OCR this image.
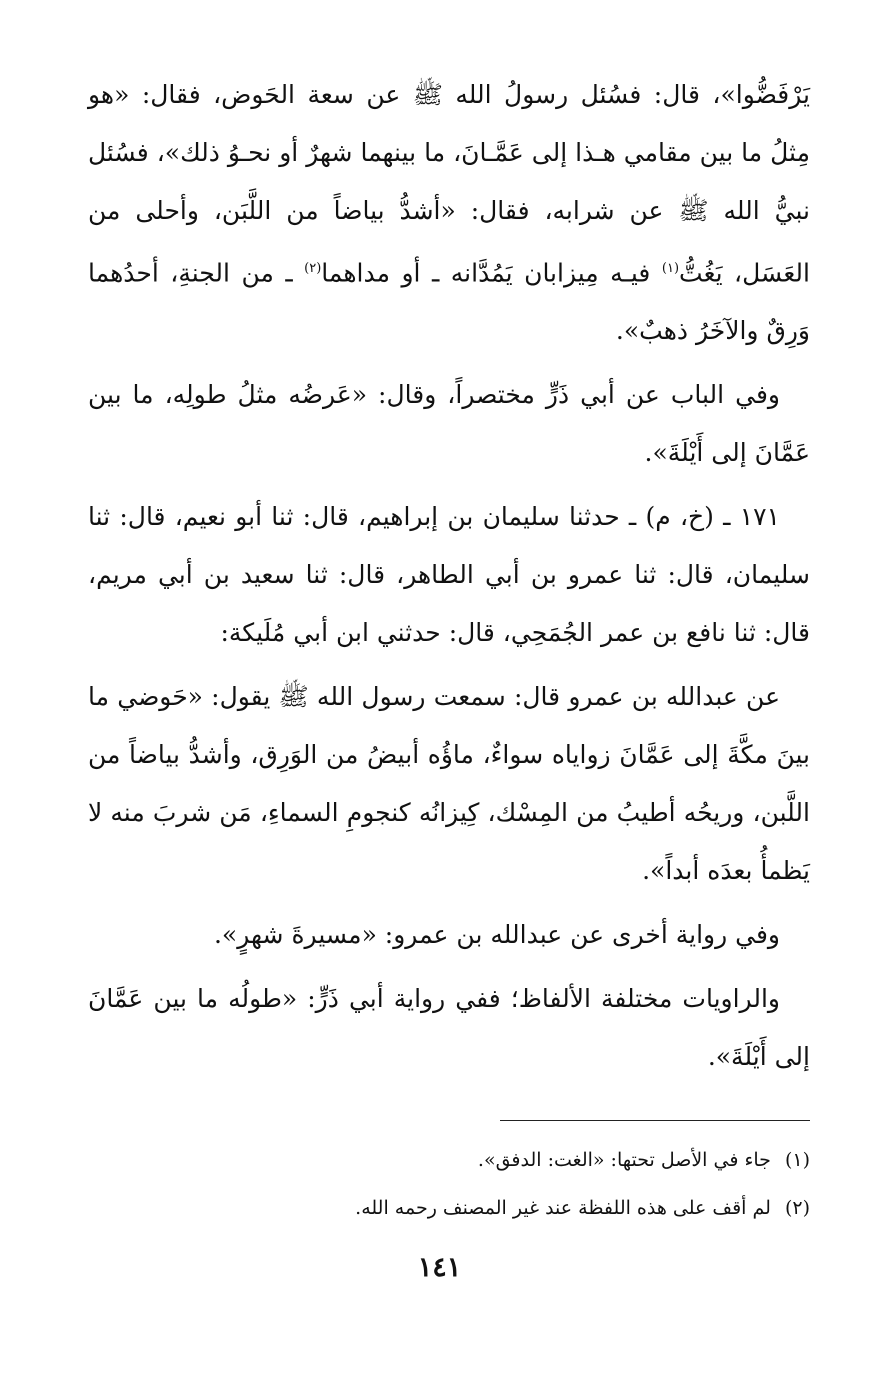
يَرْفَضُّوا»، قال: فسُئل رسولُ الله ﷺ عن سعة الحَوض، فقال: «هو مِثلُ ما بين مقامي هـذا إلى عَمَّـانَ، ما بينهما شهرٌ أو نحـوُ ذلك»، فسُئل نبيُّ الله ﷺ عن شرابه، فقال: «أشدُّ بياضاً من اللَّبَن، وأحلى من العَسَل، يَغُتُّ$^{(١)}$ فيـه مِيزابان يَمُدَّانه ـ أو مداهما$^{(٢)}$ ـ من الجنةِ، أحدُهما وَرِقٌ والآخَرُ ذهبٌ».

وفي الباب عن أبي ذَرٍّ مختصراً، وقال: «عَرضُه مثلُ طولِه، ما بين عَمَّانَ إلى أَيْلَةَ».

١٧١ ـ (خ، م) ـ حدثنا سليمان بن إبراهيم، قال: ثنا أبو نعيم، قال: ثنا سليمان، قال: ثنا عمرو بن أبي الطاهر، قال: ثنا سعيد بن أبي مريم، قال: ثنا نافع بن عمر الجُمَحِي، قال: حدثني ابن أبي مُلَيكة:

عن عبدالله بن عمرو قال: سمعت رسول الله ﷺ يقول: «حَوضي ما بينَ مكَّةَ إلى عَمَّانَ زواياه سواءٌ، ماؤُه أبيضُ من الوَرِق، وأشدُّ بياضاً من اللَّبن، وريحُه أطيبُ من المِسْك، كِيزانُه كنجومِ السماءِ، مَن شربَ منه لا يَظمأُ بعدَه أبداً».

وفي رواية أخرى عن عبدالله بن عمرو: «مسيرةَ شهرٍ».

والراويات مختلفة الألفاظ؛ ففي رواية أبي ذَرٍّ: «طولُه ما بين عَمَّانَ إلى أَيْلَةَ».

(١)جاء في الأصل تحتها: «الغت: الدفق».

(٢)لم أقف على هذه اللفظة عند غير المصنف رحمه الله.

١٤١
